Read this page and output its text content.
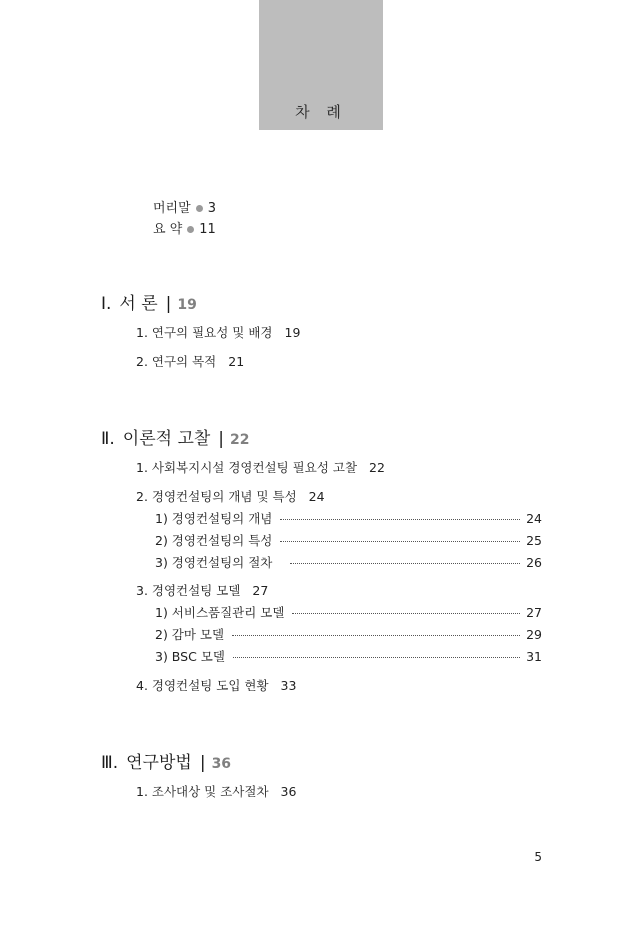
차 례
머리말 3
요 약 11
Ⅰ. 서 론 | 19
1. 연구의 필요성 및 배경 19
2. 연구의 목적 21
Ⅱ. 이론적 고찰 | 22
1. 사회복지시설 경영컨설팅 필요성 고찰 22
2. 경영컨설팅의 개념 및 특성 24
1) 경영컨설팅의 개념	24
2) 경영컨설팅의 특성	25
3) 경영컨설팅의 절차	26
3. 경영컨설팅 모델 27
1) 서비스품질관리 모델	27
2) 감마 모델	29
3) BSC 모델	31
4. 경영컨설팅 도입 현황 33
Ⅲ. 연구방법 | 36
1. 조사대상 및 조사절차 36
5
